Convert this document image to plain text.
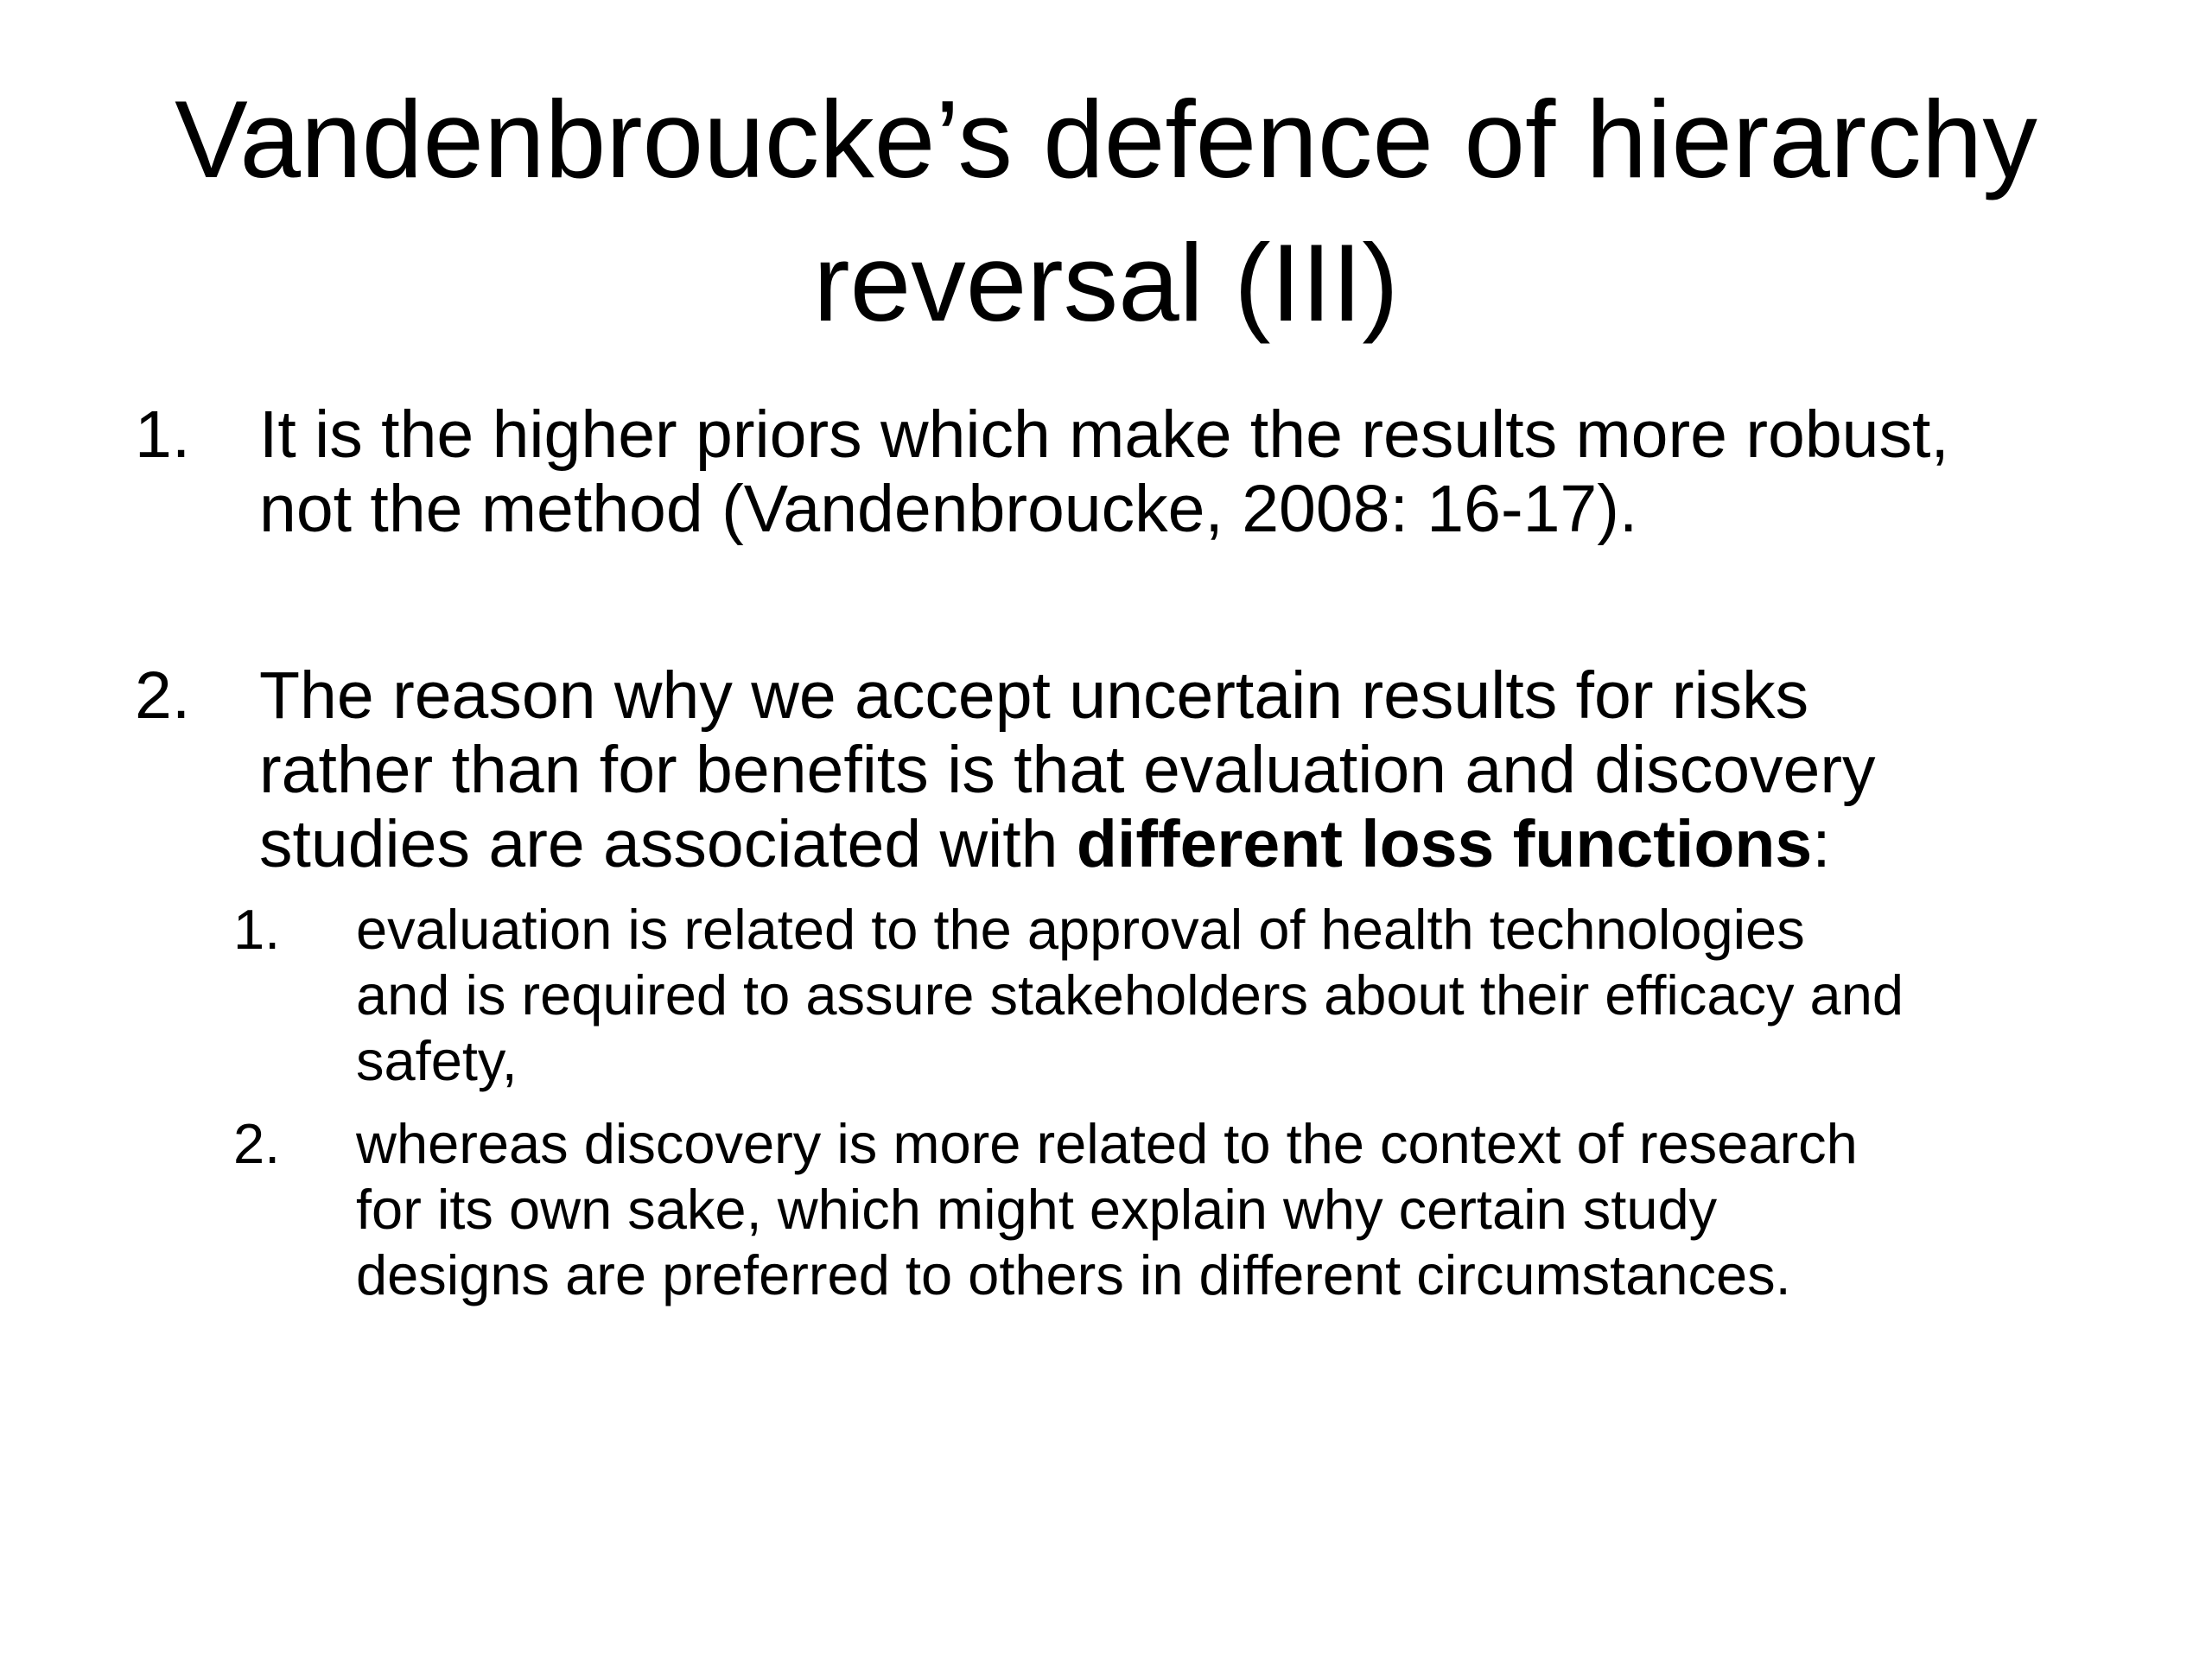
Vandenbroucke’s defence of hierarchy
reversal (III)
1. It is the higher priors which make the results more robust,
not the method (Vandenbroucke, 2008: 16-17).
2. The reason why we accept uncertain results for risks
rather than for benefits is that evaluation and discovery
studies are associated with different loss functions:
1. evaluation is related to the approval of health technologies
and is required to assure stakeholders about their efficacy and
safety,
2. whereas discovery is more related to the context of research
for its own sake, which might explain why certain study
designs are preferred to others in different circumstances.
